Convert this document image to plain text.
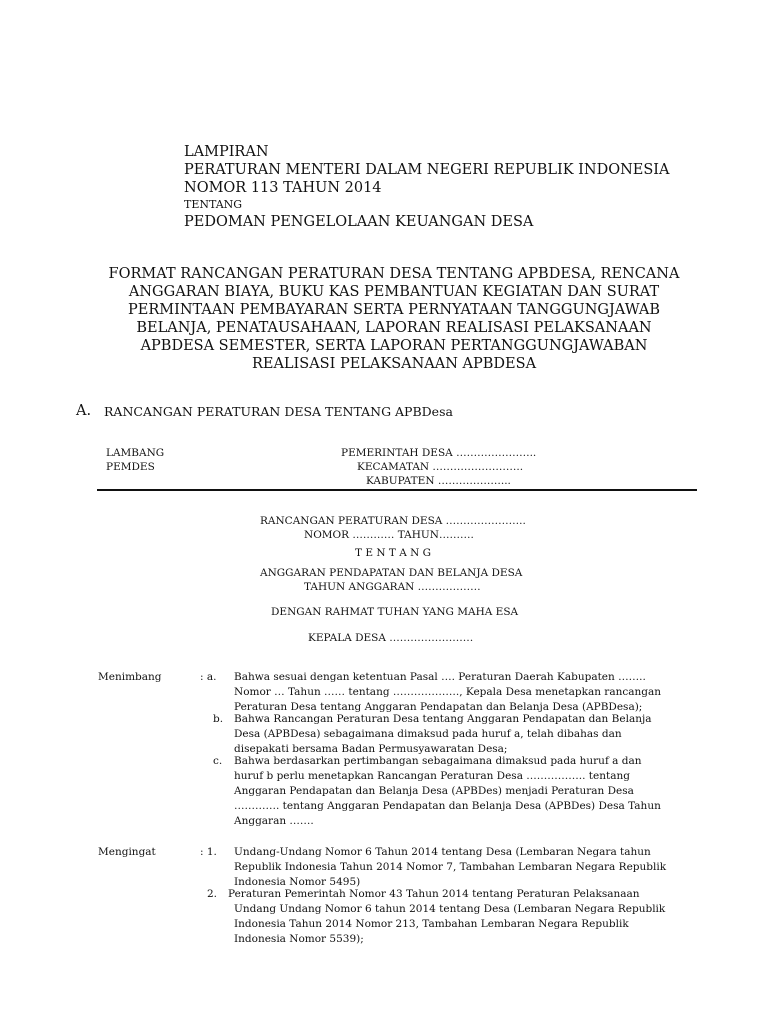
LAMPIRAN
PERATURAN MENTERI DALAM NEGERI REPUBLIK INDONESIA
NOMOR 113 TAHUN 2014
TENTANG
PEDOMAN PENGELOLAAN KEUANGAN DESA
FORMAT RANCANGAN PERATURAN DESA TENTANG APBDESA, RENCANA
ANGGARAN BIAYA, BUKU KAS PEMBANTUAN KEGIATAN DAN SURAT
PERMINTAAN PEMBAYARAN SERTA PERNYATAAN TANGGUNGJAWAB
BELANJA, PENATAUSAHAAN, LAPORAN REALISASI PELAKSANAAN
APBDESA SEMESTER, SERTA LAPORAN PERTANGGUNGJAWABAN
REALISASI PELAKSANAAN APBDESA
A. RANCANGAN PERATURAN DESA TENTANG APBDesa
LAMBANG
PEMDES
PEMERINTAH DESA …………………..
KECAMATAN ……………………..
KABUPATEN ………………...
RANCANGAN PERATURAN DESA …………………..
NOMOR ………… TAHUN……….
T E N T A N G
ANGGARAN PENDAPATAN DAN BELANJA DESA
TAHUN ANGGARAN ………………
DENGAN RAHMAT TUHAN YANG MAHA ESA
KEPALA DESA ……………………
Menimbang	: a. Bahwa sesuai dengan ketentuan Pasal …. Peraturan Daerah Kabupaten ……..
Nomor … Tahun …… tentang ………………., Kepala Desa menetapkan rancangan
Peraturan Desa tentang Anggaran Pendapatan dan Belanja Desa (APBDesa);
b. Bahwa Rancangan Peraturan Desa tentang Anggaran Pendapatan dan Belanja
Desa (APBDesa) sebagaimana dimaksud pada huruf a, telah dibahas dan
disepakati bersama Badan Permusyawaratan Desa;
c. Bahwa berdasarkan pertimbangan sebagaimana dimaksud pada huruf a dan
huruf b perlu menetapkan Rancangan Peraturan Desa …………….. tentang
Anggaran Pendapatan dan Belanja Desa (APBDes) menjadi Peraturan Desa
…………. tentang Anggaran Pendapatan dan Belanja Desa (APBDes) Desa Tahun
Anggaran …….
Mengingat	: 1. Undang-Undang Nomor 6 Tahun 2014 tentang Desa (Lembaran Negara tahun
Republik Indonesia Tahun 2014 Nomor 7, Tambahan Lembaran Negara Republik
Indonesia Nomor 5495)
2. Peraturan Pemerintah Nomor 43 Tahun 2014 tentang Peraturan Pelaksanaan
Undang Undang Nomor 6 tahun 2014 tentang Desa (Lembaran Negara Republik
Indonesia Tahun 2014 Nomor 213, Tambahan Lembaran Negara Republik
Indonesia Nomor 5539);
